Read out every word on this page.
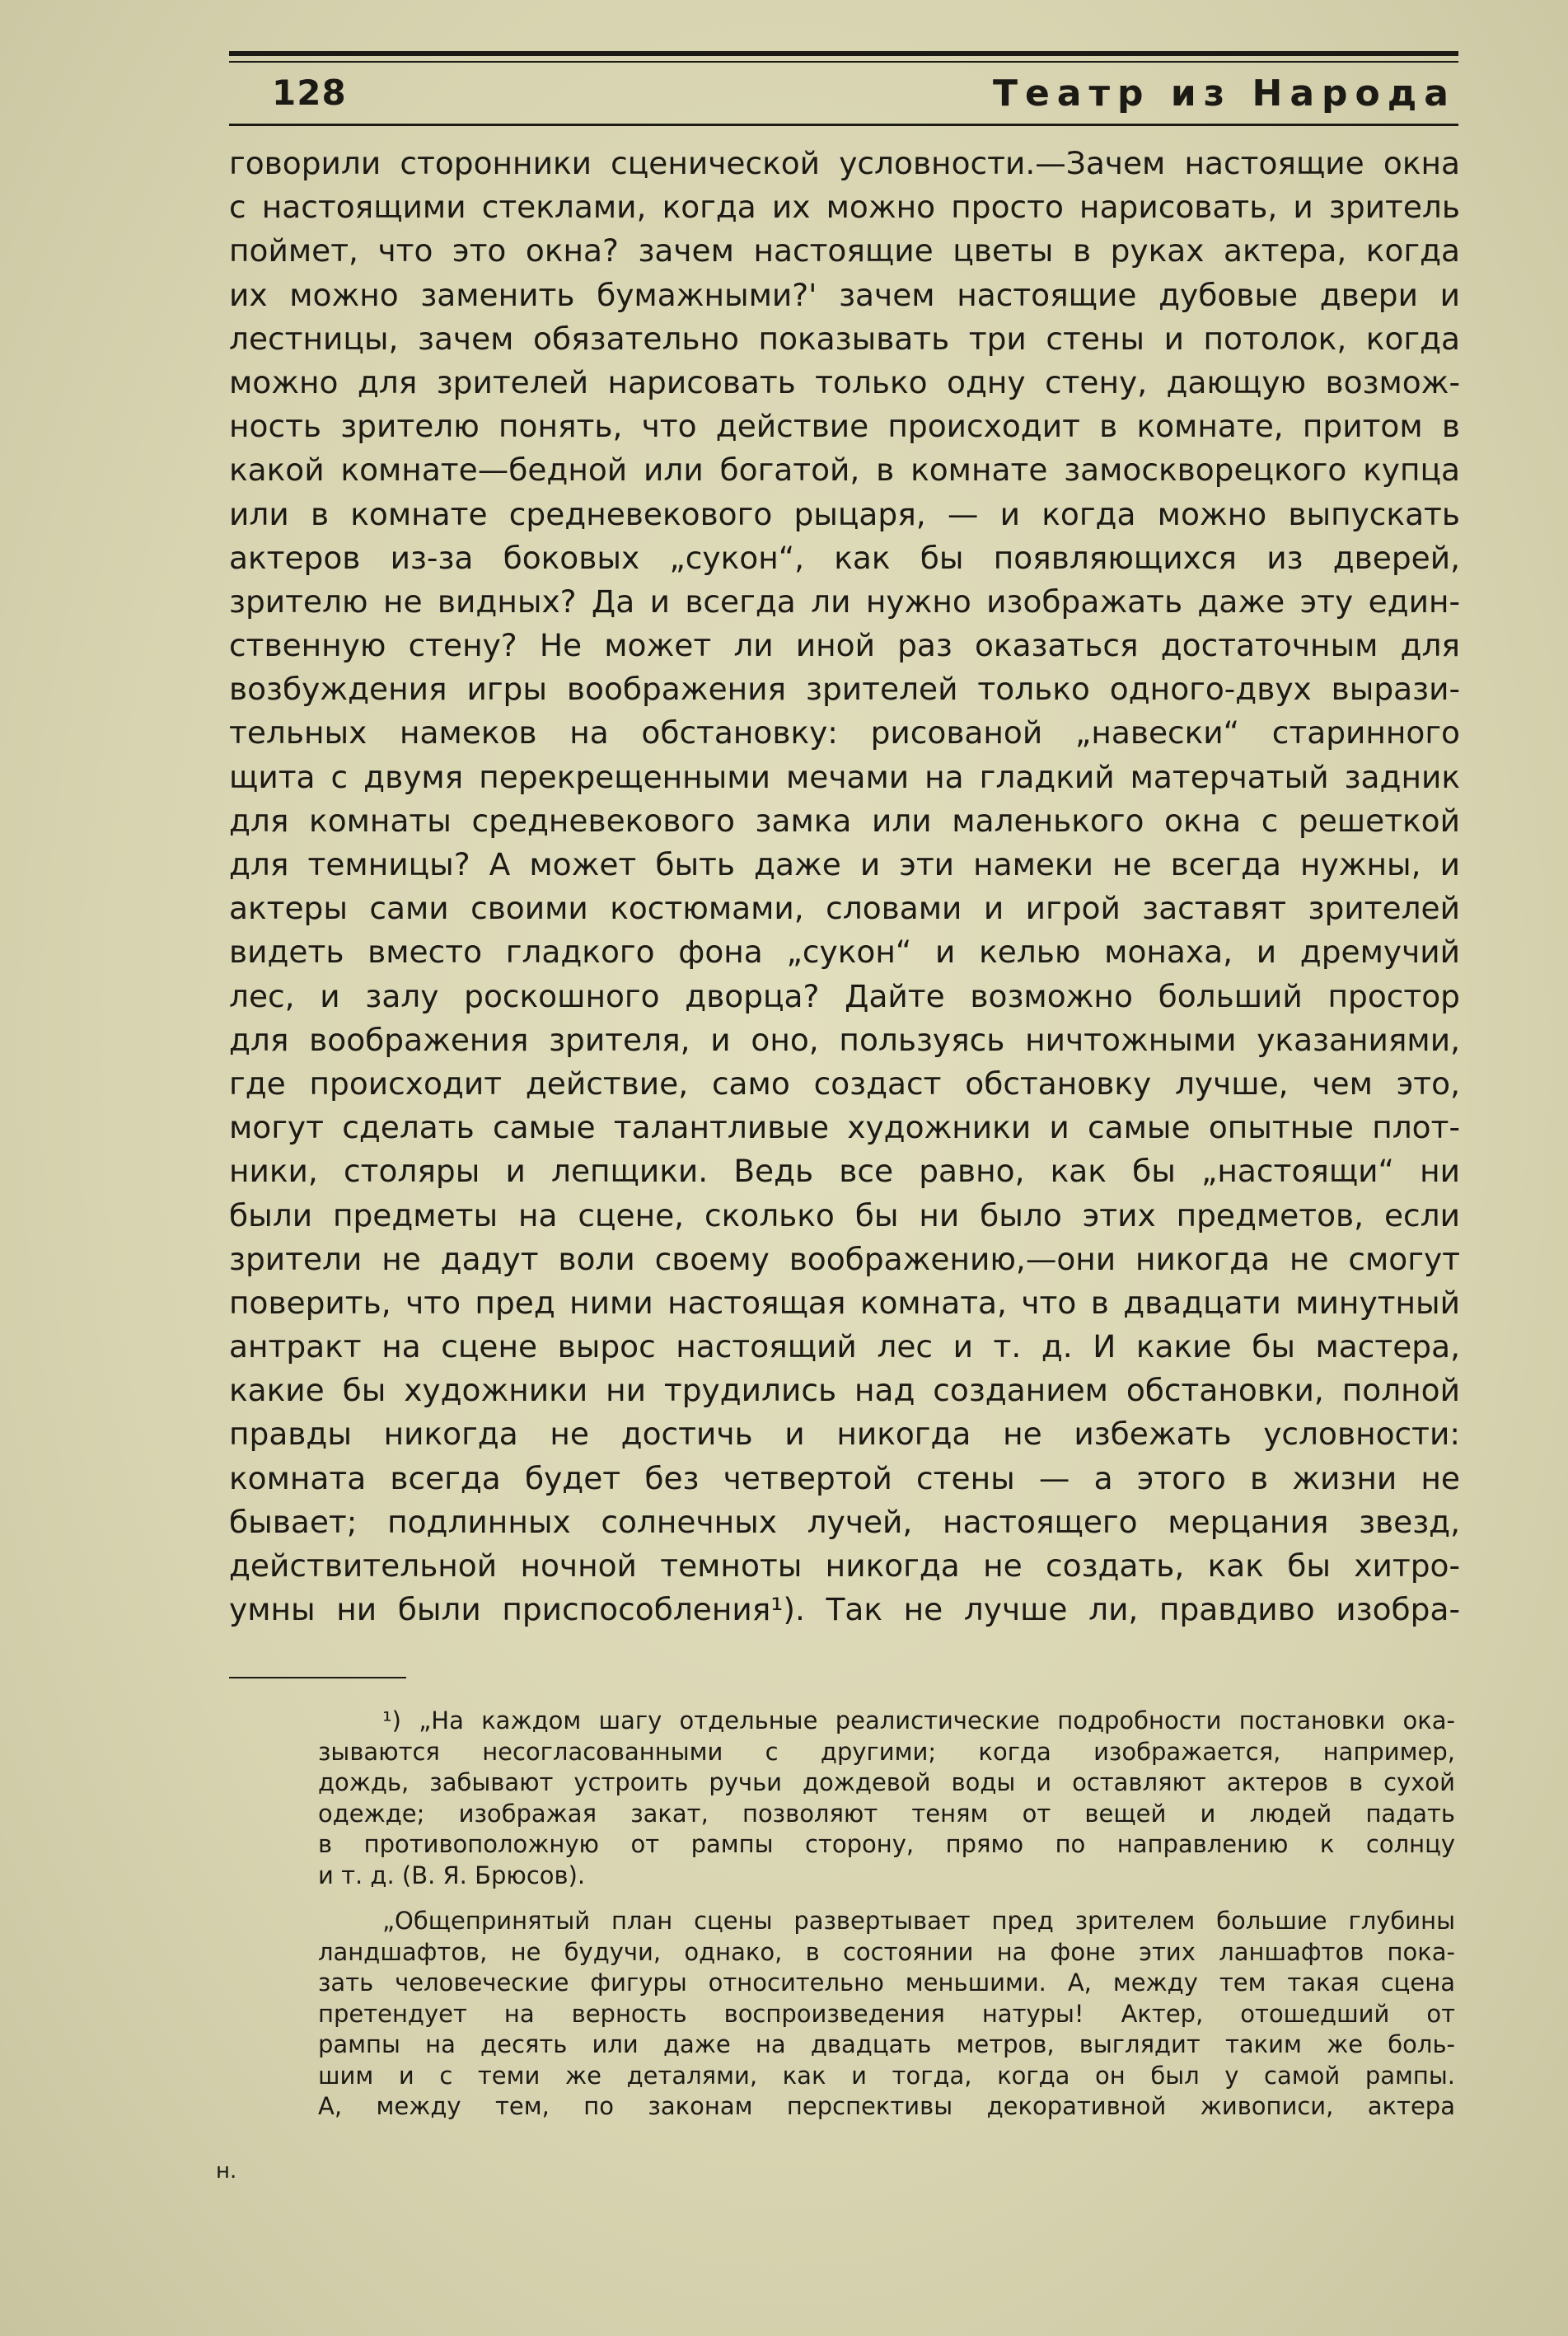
128	Театр из Народа
говорили сторонники сценической условности.—Зачем настоящие окна
с настоящими стеклами, когда их можно просто нарисовать, и зритель
поймет, что это окна? зачем настоящие цветы в руках актера, когда
их можно заменить бумажными?' зачем настоящие дубовые двери и
лестницы, зачем обязательно показывать три стены и потолок, когда
можно для зрителей нарисовать только одну стену, дающую возмож-
ность зрителю понять, что действие происходит в комнате, притом в
какой комнате—бедной или богатой, в комнате замоскворецкого купца
или в комнате средневекового рыцаря, — и когда можно выпускать
актеров из-за боковых „сукон“, как бы появляющихся из дверей,
зрителю не видных? Да и всегда ли нужно изображать даже эту един-
ственную стену? Не может ли иной раз оказаться достаточным для
возбуждения игры воображения зрителей только одного-двух вырази-
тельных намеков на обстановку: рисованой „навески“ старинного
щита с двумя перекрещенными мечами на гладкий матерчатый задник
для комнаты средневекового замка или маленького окна с решеткой
для темницы? А может быть даже и эти намеки не всегда нужны, и
актеры сами своими костюмами, словами и игрой заставят зрителей
видеть вместо гладкого фона „сукон“ и келью монаха, и дремучий
лес, и залу роскошного дворца? Дайте возможно больший простор
для воображения зрителя, и оно, пользуясь ничтожными указаниями,
где происходит действие, само создаст обстановку лучше, чем это,
могут сделать самые талантливые художники и самые опытные плот-
ники, столяры и лепщики. Ведь все равно, как бы „настоящи“ ни
были предметы на сцене, сколько бы ни было этих предметов, если
зрители не дадут воли своему воображению,—они никогда не смогут
поверить, что пред ними настоящая комната, что в двадцати минутный
антракт на сцене вырос настоящий лес и т. д. И какие бы мастера,
какие бы художники ни трудились над созданием обстановки, полной
правды никогда не достичь и никогда не избежать условности:
комната всегда будет без четвертой стены — а этого в жизни не
бывает; подлинных солнечных лучей, настоящего мерцания звезд,
действительной ночной темноты никогда не создать, как бы хитро-
умны ни были приспособления¹). Так не лучше ли, правдиво изобра-
¹) „На каждом шагу отдельные реалистические подробности постановки ока-
зываются несогласованными с другими; когда изображается, например,
дождь, забывают устроить ручьи дождевой воды и оставляют актеров в сухой
одежде; изображая закат, позволяют теням от вещей и людей падать
в противоположную от рампы сторону, прямо по направлению к солнцу
и т. д. (В. Я. Брюсов).
„Общепринятый план сцены развертывает пред зрителем большие глубины
ландшафтов, не будучи, однако, в состоянии на фоне этих ланшафтов пока-
зать человеческие фигуры относительно меньшими. А, между тем такая сцена
претендует на верность воспроизведения натуры! Актер, отошедший от
рампы на десять или даже на двадцать метров, выглядит таким же боль-
шим и с теми же деталями, как и тогда, когда он был у самой рампы.
А, между тем, по законам перспективы декоративной живописи, актера
н.
